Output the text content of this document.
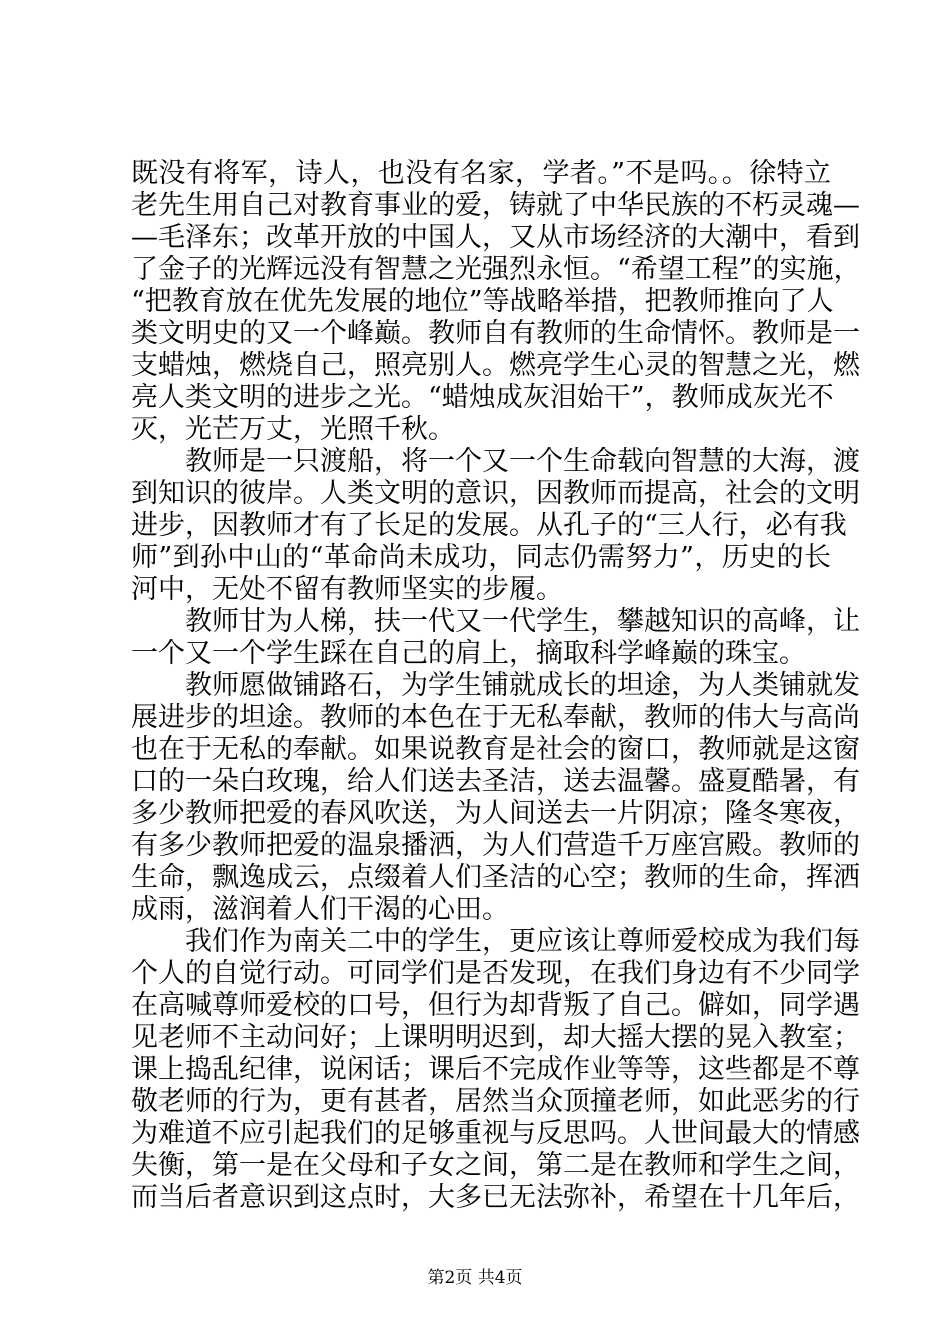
既没有将军，诗人，也没有名家，学者。”不是吗。。徐特立
老先生用自己对教育事业的爱，铸就了中华民族的不朽灵魂—
—毛泽东；改革开放的中国人，又从市场经济的大潮中，看到
了金子的光辉远没有智慧之光强烈永恒。“希望工程”的实施，
“把教育放在优先发展的地位”等战略举措，把教师推向了人
类文明史的又一个峰巅。教师自有教师的生命情怀。教师是一
支蜡烛，燃烧自己，照亮别人。燃亮学生心灵的智慧之光，燃
亮人类文明的进步之光。“蜡烛成灰泪始干”，教师成灰光不
灭，光芒万丈，光照千秋。
　　教师是一只渡船，将一个又一个生命载向智慧的大海，渡
到知识的彼岸。人类文明的意识，因教师而提高，社会的文明
进步，因教师才有了长足的发展。从孔子的“三人行，必有我
师”到孙中山的“革命尚未成功，同志仍需努力”，历史的长
河中，无处不留有教师坚实的步履。
　　教师甘为人梯，扶一代又一代学生，攀越知识的高峰，让
一个又一个学生踩在自己的肩上，摘取科学峰巅的珠宝。
　　教师愿做铺路石，为学生铺就成长的坦途，为人类铺就发
展进步的坦途。教师的本色在于无私奉献，教师的伟大与高尚
也在于无私的奉献。如果说教育是社会的窗口，教师就是这窗
口的一朵白玫瑰，给人们送去圣洁，送去温馨。盛夏酷暑，有
多少教师把爱的春风吹送，为人间送去一片阴凉；隆冬寒夜，
有多少教师把爱的温泉播洒，为人们营造千万座宫殿。教师的
生命，飘逸成云，点缀着人们圣洁的心空；教师的生命，挥洒
成雨，滋润着人们干渴的心田。
　　我们作为南关二中的学生，更应该让尊师爱校成为我们每
个人的自觉行动。可同学们是否发现，在我们身边有不少同学
在高喊尊师爱校的口号，但行为却背叛了自己。僻如，同学遇
见老师不主动问好；上课明明迟到，却大摇大摆的晃入教室；
课上捣乱纪律，说闲话；课后不完成作业等等，这些都是不尊
敬老师的行为，更有甚者，居然当众顶撞老师，如此恶劣的行
为难道不应引起我们的足够重视与反思吗。人世间最大的情感
失衡，第一是在父母和子女之间，第二是在教师和学生之间，
而当后者意识到这点时，大多已无法弥补，希望在十几年后，
第2页 共4页
